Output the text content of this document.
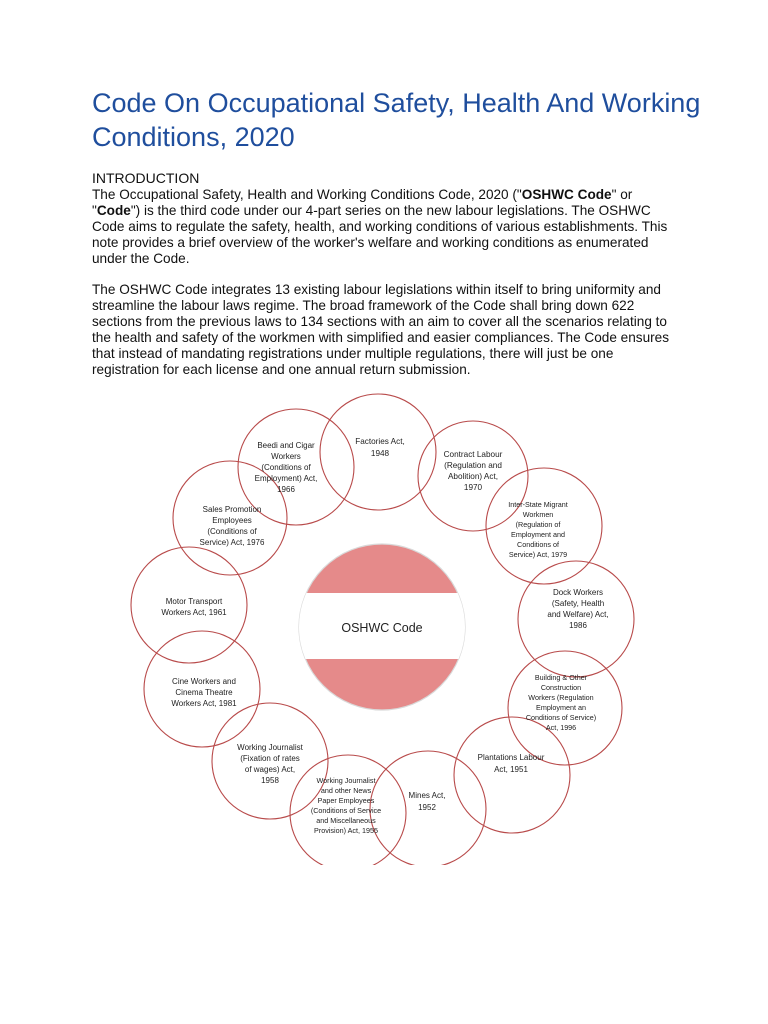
Code On Occupational Safety, Health And Working Conditions, 2020
INTRODUCTION

The Occupational Safety, Health and Working Conditions Code, 2020 ("OSHWC Code" or "Code") is the third code under our 4-part series on the new labour legislations. The OSHWC Code aims to regulate the safety, health, and working conditions of various establishments. This note provides a brief overview of the worker's welfare and working conditions as enumerated under the Code.

The OSHWC Code integrates 13 existing labour legislations within itself to bring uniformity and streamline the labour laws regime. The broad framework of the Code shall bring down 622 sections from the previous laws to 134 sections with an aim to cover all the scenarios relating to the health and safety of the workmen with simplified and easier compliances. The Code ensures that instead of mandating registrations under multiple regulations, there will just be one registration for each license and one annual return submission.

OSHWC Code
Factories Act, 1948	Contract Labour (Regulation and Abolition) Act, 1970
Inter-State Migrant Workmen (Regulation of Employment and Conditions of Service) Act, 1979
Dock Workers (Safety, Health and Welfare) Act, 1986
Building & Other Construction Workers (Regulation Employment an Conditions of Service) Act, 1996
Plantations Labour Act, 1951
Mines Act, 1952
Working Journalist and other News Paper Employees (Conditions of Service and Miscellaneous Provision) Act, 1955
Working Journalist (Fixation of rates of wages) Act, 1958
Cine Workers and Cinema Theatre Workers Act, 1981
Motor Transport Workers Act, 1961
Sales Promotion Employees (Conditions of Service) Act, 1976
Beedi and Cigar Workers (Conditions of Employment) Act, 1966
